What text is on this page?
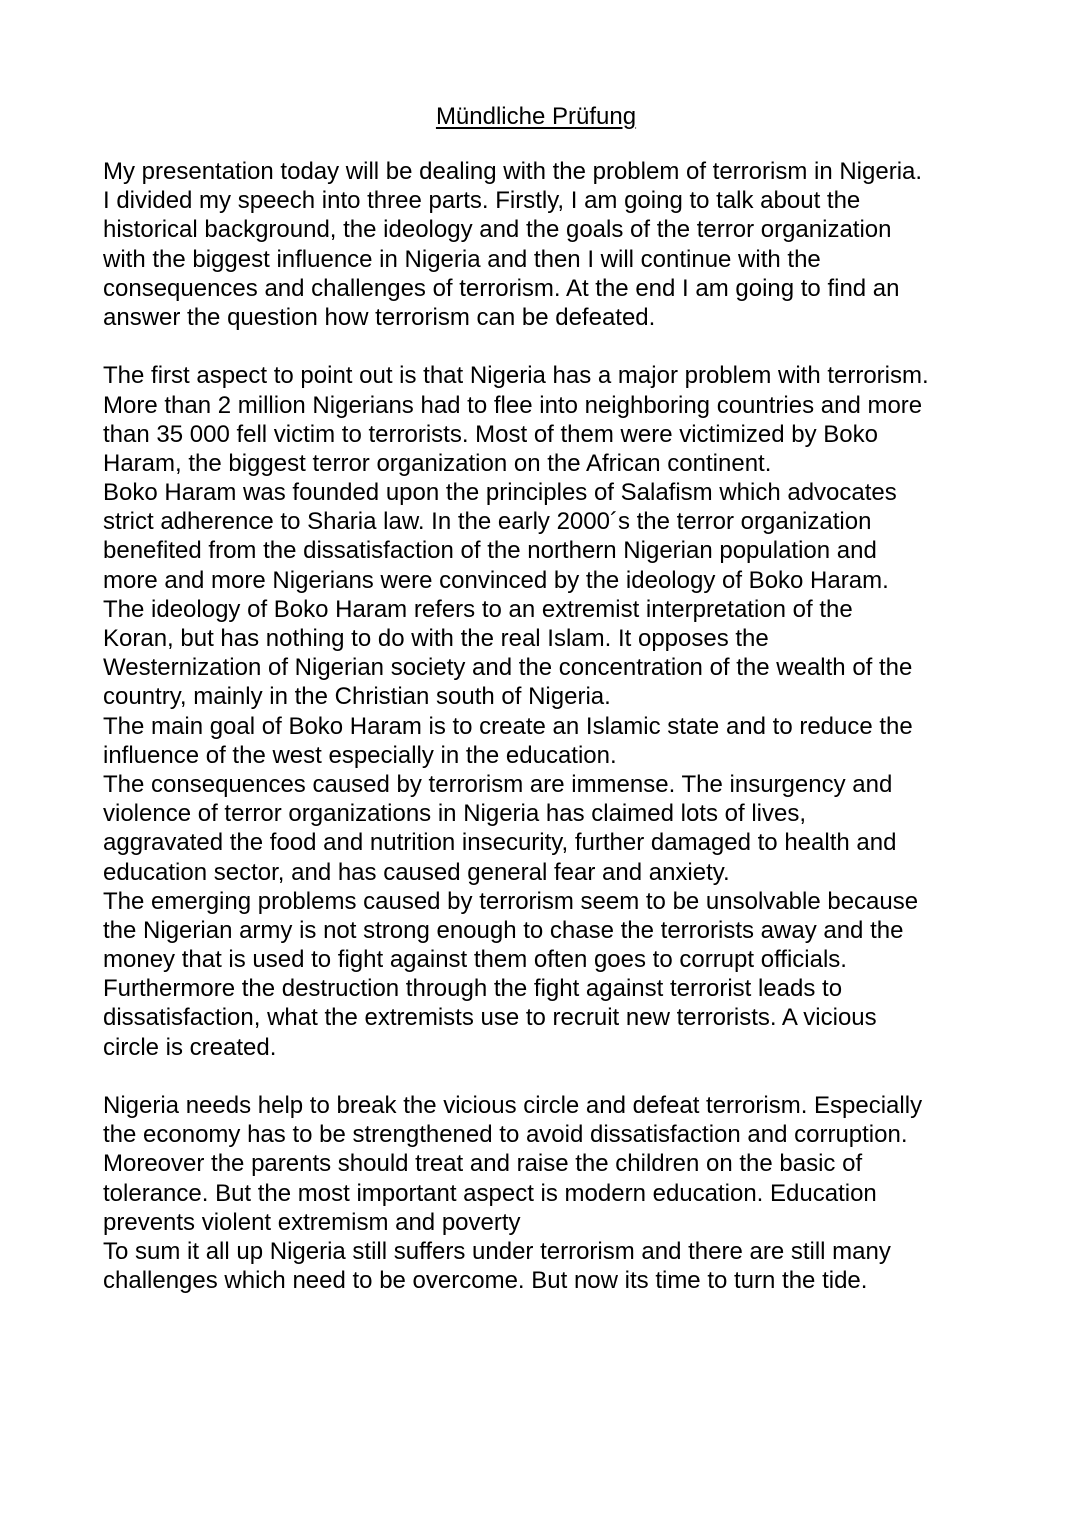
Mündliche Prüfung
My presentation today will be dealing with the problem of terrorism in Nigeria.
I divided my speech into three parts. Firstly, I am going to talk about the
historical background, the ideology and the goals of the terror organization
with the biggest influence in Nigeria and then I will continue with the
consequences and challenges of terrorism. At the end I am going to find an
answer the question how terrorism can be defeated.
The first aspect to point out is that Nigeria has a major problem with terrorism.
More than 2 million Nigerians had to flee into neighboring countries and more
than 35 000 fell victim to terrorists. Most of them were victimized by Boko
Haram, the biggest terror organization on the African continent.
Boko Haram was founded upon the principles of Salafism which advocates
strict adherence to Sharia law. In the early 2000´s the terror organization
benefited from the dissatisfaction of the northern Nigerian population and
more and more Nigerians were convinced by the ideology of Boko Haram.
The ideology of Boko Haram refers to an extremist interpretation of the
Koran, but has nothing to do with the real Islam. It opposes the
Westernization of Nigerian society and the concentration of the wealth of the
country, mainly in the Christian south of Nigeria.
The main goal of Boko Haram is to create an Islamic state and to reduce the
influence of the west especially in the education.
The consequences caused by terrorism are immense. The insurgency and
violence of terror organizations in Nigeria has claimed lots of lives,
aggravated the food and nutrition insecurity, further damaged to health and
education sector, and has caused general fear and anxiety.
The emerging problems caused by terrorism seem to be unsolvable because
the Nigerian army is not strong enough to chase the terrorists away and the
money that is used to fight against them often goes to corrupt officials.
Furthermore the destruction through the fight against terrorist leads to
dissatisfaction, what the extremists use to recruit new terrorists. A vicious
circle is created.
Nigeria needs help to break the vicious circle and defeat terrorism. Especially
the economy has to be strengthened to avoid dissatisfaction and corruption.
Moreover the parents should treat and raise the children on the basic of
tolerance. But the most important aspect is modern education. Education
prevents violent extremism and poverty
To sum it all up Nigeria still suffers under terrorism and there are still many
challenges which need to be overcome. But now its time to turn the tide.
